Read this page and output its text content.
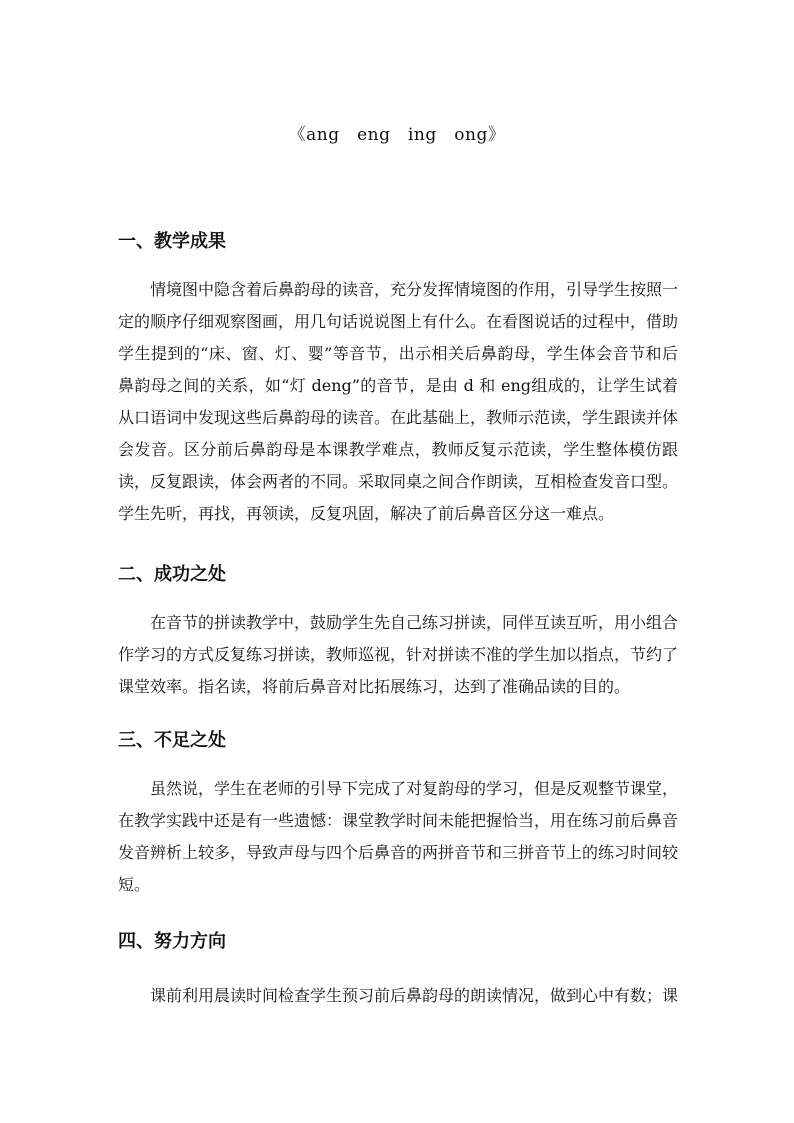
《ang　eng　ing　ong》
一、教学成果

情境图中隐含着后鼻韵母的读音，充分发挥情境图的作用，引导学生按照一定的顺序仔细观察图画，用几句话说说图上有什么。在看图说话的过程中，借助学生提到的“床、窗、灯、婴”等音节，出示相关后鼻韵母，学生体会音节和后鼻韵母之间的关系，如“灯 deng”的音节，是由 d 和 eng组成的，让学生试着从口语词中发现这些后鼻韵母的读音。在此基础上，教师示范读，学生跟读并体会发音。区分前后鼻韵母是本课教学难点，教师反复示范读，学生整体模仿跟读，反复跟读，体会两者的不同。采取同桌之间合作朗读，互相检查发音口型。学生先听，再找，再领读，反复巩固，解决了前后鼻音区分这一难点。

二、成功之处

在音节的拼读教学中，鼓励学生先自己练习拼读，同伴互读互听，用小组合作学习的方式反复练习拼读，教师巡视，针对拼读不准的学生加以指点，节约了课堂效率。指名读，将前后鼻音对比拓展练习，达到了准确品读的目的。

三、不足之处

虽然说，学生在老师的引导下完成了对复韵母的学习，但是反观整节课堂，在教学实践中还是有一些遗憾：课堂教学时间未能把握恰当，用在练习前后鼻音发音辨析上较多，导致声母与四个后鼻音的两拼音节和三拼音节上的练习时间较短。

四、努力方向

课前利用晨读时间检查学生预习前后鼻韵母的朗读情况，做到心中有数；课
